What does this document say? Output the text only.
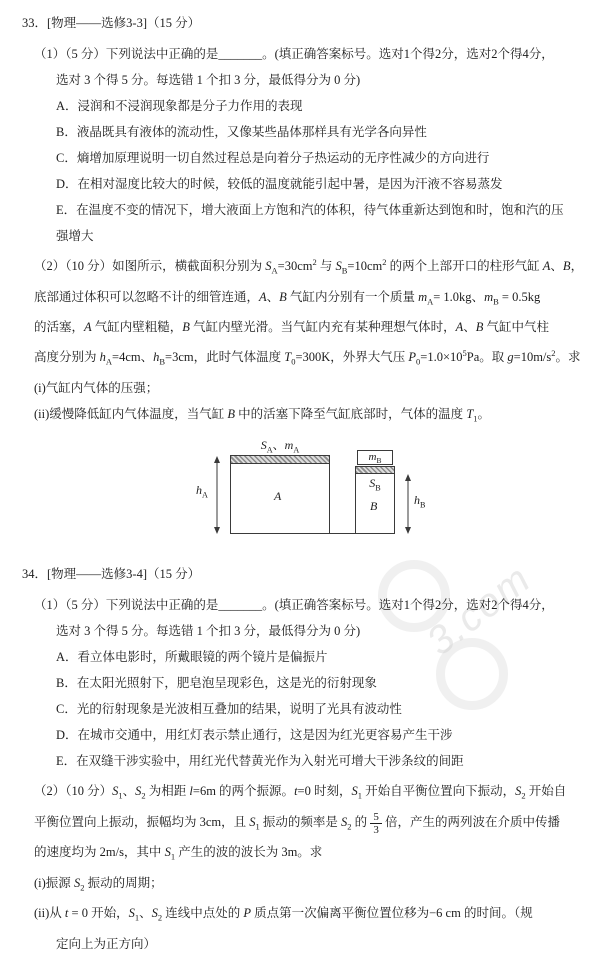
3.com
33．[物理——选修3-3]（15 分）
（1）（5 分）下列说法中正确的是_______。(填正确答案标号。选对1个得2分，选对2个得4分，
选对 3 个得 5 分。每选错 1 个扣 3 分，最低得分为 0 分)
A．浸润和不浸润现象都是分子力作用的表现
B．液晶既具有液体的流动性，又像某些晶体那样具有光学各向异性
C．熵增加原理说明一切自然过程总是向着分子热运动的无序性减少的方向进行
D．在相对湿度比较大的时候，较低的温度就能引起中暑，是因为汗液不容易蒸发
E．在温度不变的情况下，增大液面上方饱和汽的体积，待气体重新达到饱和时，饱和汽的压
强增大
（2）（10 分）如图所示，横截面积分别为 $S_A=30cm^2$ 与 $S_B=10cm^2$ 的两个上部开口的柱形气缸 A、B，
底部通过体积可以忽略不计的细管连通，A、B 气缸内分别有一个质量 $m_A= 1.0kg$、$m_B = 0.5kg$
的活塞，A 气缸内壁粗糙，B 气缸内壁光滑。当气缸内充有某种理想气体时，A、B 气缸中气柱
高度分别为 $h_A=4cm$、$h_B=3cm$，此时气体温度 $T_0=300K$，外界大气压 $P_0=1.0\times 10^5Pa$。取 $g=10m/s^2$。求
(i)气缸内气体的压强；
(ii)缓慢降低缸内气体温度，当气缸 B 中的活塞下降至气缸底部时，气体的温度 $T_1$。
$S_A$、$m_A$
A
$h_A$
$m_B$
$S_B$
B	$h_B$
34．[物理——选修3-4]（15 分）
（1）（5 分）下列说法中正确的是_______。(填正确答案标号。选对1个得2分，选对2个得4分，
选对 3 个得 5 分。每选错 1 个扣 3 分，最低得分为 0 分)
A．看立体电影时，所戴眼镜的两个镜片是偏振片
B．在太阳光照射下，肥皂泡呈现彩色，这是光的衍射现象
C．光的衍射现象是光波相互叠加的结果，说明了光具有波动性
D．在城市交通中，用红灯表示禁止通行，这是因为红光更容易产生干涉
E．在双缝干涉实验中，用红光代替黄光作为入射光可增大干涉条纹的间距
（2）（10 分）$S_1$、$S_2$ 为相距 l=6m 的两个振源。t=0 时刻，$S_1$ 开始自平衡位置向下振动，$S_2$ 开始自
平衡位置向上振动，振幅均为 3cm，且 $S_1$ 振动的频率是 $S_2$ 的 $\frac{5}{3}$ 倍，产生的两列波在介质中传播
的速度均为 2m/s，其中 $S_1$ 产生的波的波长为 3m。求
(i)振源 $S_2$ 振动的周期；
(ii)从 t = 0 开始，$S_1$、$S_2$ 连线中点处的 P 质点第一次偏离平衡位置位移为−6 cm 的时间。（规
定向上为正方向）
